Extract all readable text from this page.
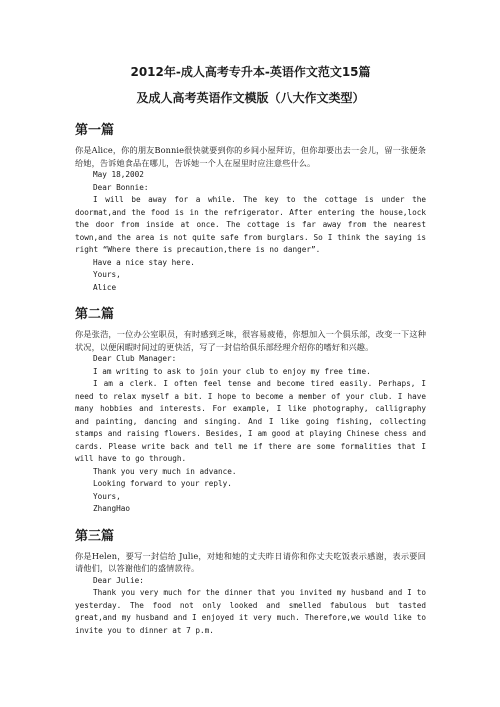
2012年-成人高考专升本-英语作文范文15篇

及成人高考英语作文模版（八大作文类型）

第一篇

你是Alice，你的朋友Bonnie很快就要到你的乡间小屋拜访，但你却要出去一会儿，留一张便条给她，告诉她食品在哪儿，告诉她一个人在屋里时应注意些什么。

May 18,2002

Dear Bonnie:

I will be away for a while. The key to the cottage is under the doormat,and the food is in the refrigerator. After entering the house,lock the door from inside at once. The cottage is far away from the nearest town,and the area is not quite safe from burglars. So I think the saying is right “Where there is precaution,there is no danger”.

Have a nice stay here.

Yours,

Alice

第二篇

你是张浩，一位办公室职员，有时感到乏味，很容易疲倦，你想加入一个俱乐部，改变一下这种状况，以便闲暇时间过的更快活，写了一封信给俱乐部经理介绍你的嗜好和兴趣。

Dear Club Manager:

I am writing to ask to join your club to enjoy my free time.

I am a clerk. I often feel tense and become tired easily. Perhaps, I need to relax myself a bit. I hope to become a member of your club. I have many hobbies and interests. For example, I like photography, calligraphy and painting, dancing and singing. And I like going fishing, collecting stamps and raising flowers. Besides, I am good at playing Chinese chess and cards. Please write back and tell me if there are some formalities that I will have to go through.

Thank you very much in advance.

Looking forward to your reply.

Yours,

ZhangHao

第三篇

你是Helen，要写一封信给 Julie，对她和她的丈夫昨日请你和你丈夫吃饭表示感谢，表示要回请他们，以答谢他们的盛情款待。

Dear Julie:

Thank you very much for the dinner that you invited my husband and I to yesterday. The food not only looked and smelled fabulous but tasted great,and my husband and I enjoyed it very much. Therefore,we would like to invite you to dinner at 7 p.m.
